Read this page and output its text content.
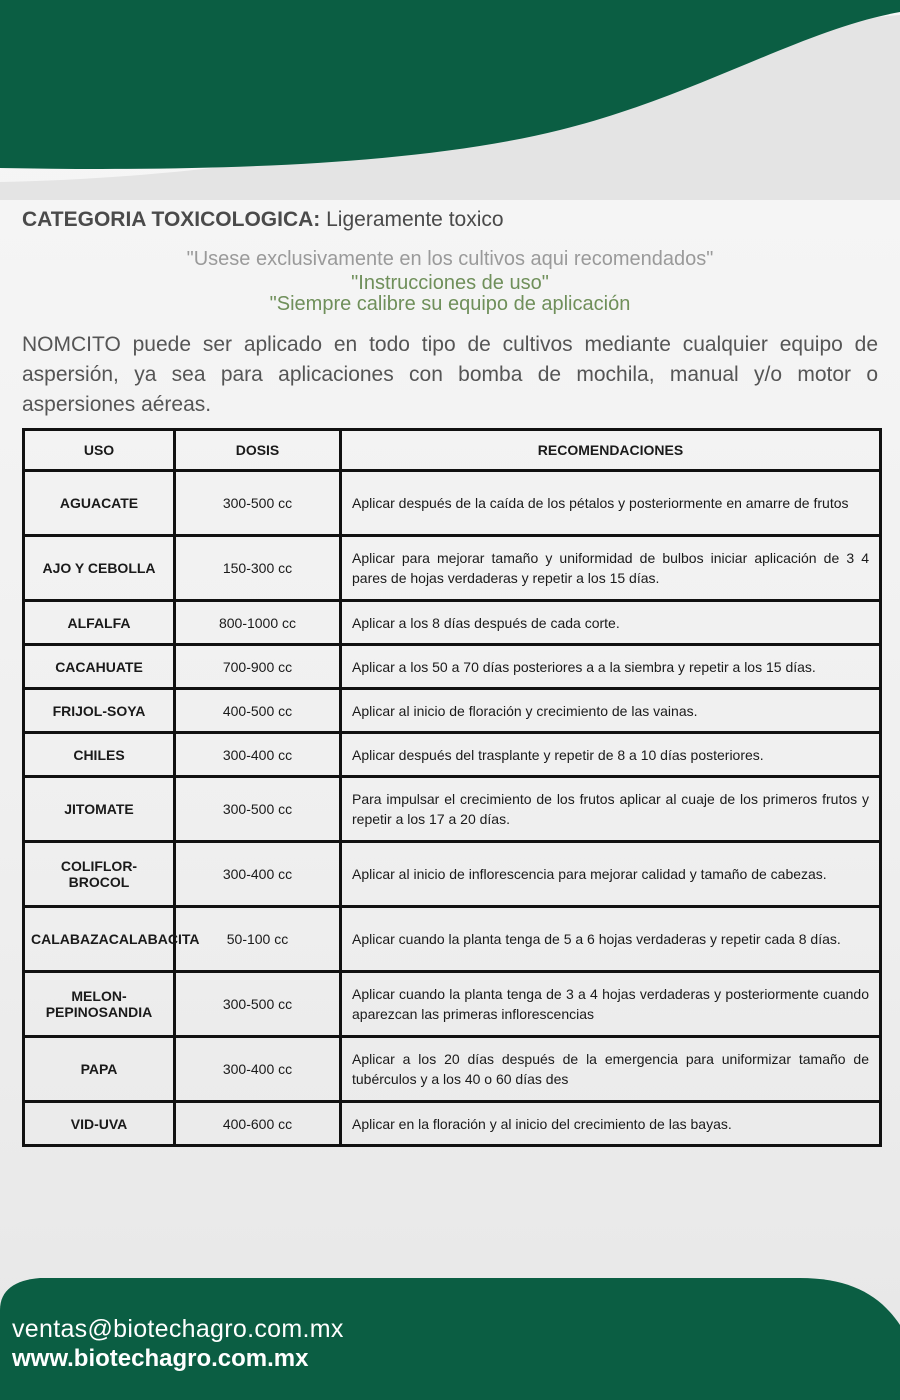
CATEGORIA TOXICOLOGICA: Ligeramente toxico
"Usese exclusivamente en los cultivos aqui recomendados"
"Instrucciones de uso"
"Siempre calibre su equipo de aplicación

NOMCITO puede ser aplicado en todo tipo de cultivos mediante cualquier equipo de aspersión, ya sea para aplicaciones con bomba de mochila, manual y/o motor o aspersiones aéreas.

USO	DOSIS	RECOMENDACIONES
AGUACATE	300-500 cc	Aplicar después de la caída de los pétalos y posteriormente en amarre de frutos
AJO Y CEBOLLA	150-300 cc	Aplicar para mejorar tamaño y uniformidad de bulbos iniciar aplicación de 3 4 pares de hojas verdaderas y repetir a los 15 días.
ALFALFA	800-1000 cc	Aplicar a los 8 días después de cada corte.
CACAHUATE	700-900 cc	Aplicar a los 50 a 70 días posteriores a a la siembra y repetir a los 15 días.
FRIJOL-SOYA	400-500 cc	Aplicar al inicio de floración y crecimiento de las vainas.
CHILES	300-400 cc	Aplicar después del trasplante y repetir de 8 a 10 días posteriores.
JITOMATE	300-500 cc	Para impulsar el crecimiento de los frutos aplicar al cuaje de los primeros frutos y repetir a los 17 a 20 días.
COLIFLOR-BROCOL	300-400 cc	Aplicar al inicio de inflorescencia para mejorar calidad y tamaño de cabezas.
CALABAZACALABACITA	50-100 cc	Aplicar cuando la planta tenga de 5 a 6 hojas verdaderas y repetir cada 8 días.
MELON-PEPINOSANDIA	300-500 cc	Aplicar cuando la planta tenga de 3 a 4 hojas verdaderas y posteriormente cuando aparezcan las primeras inflorescencias
PAPA	300-400 cc	Aplicar a los 20 días después de la emergencia para uniformizar tamaño de tubérculos y a los 40 o 60 días des
VID-UVA	400-600 cc	Aplicar en la floración y al inicio del crecimiento de las bayas.
ventas@biotechagro.com.mx
www.biotechagro.com.mx
